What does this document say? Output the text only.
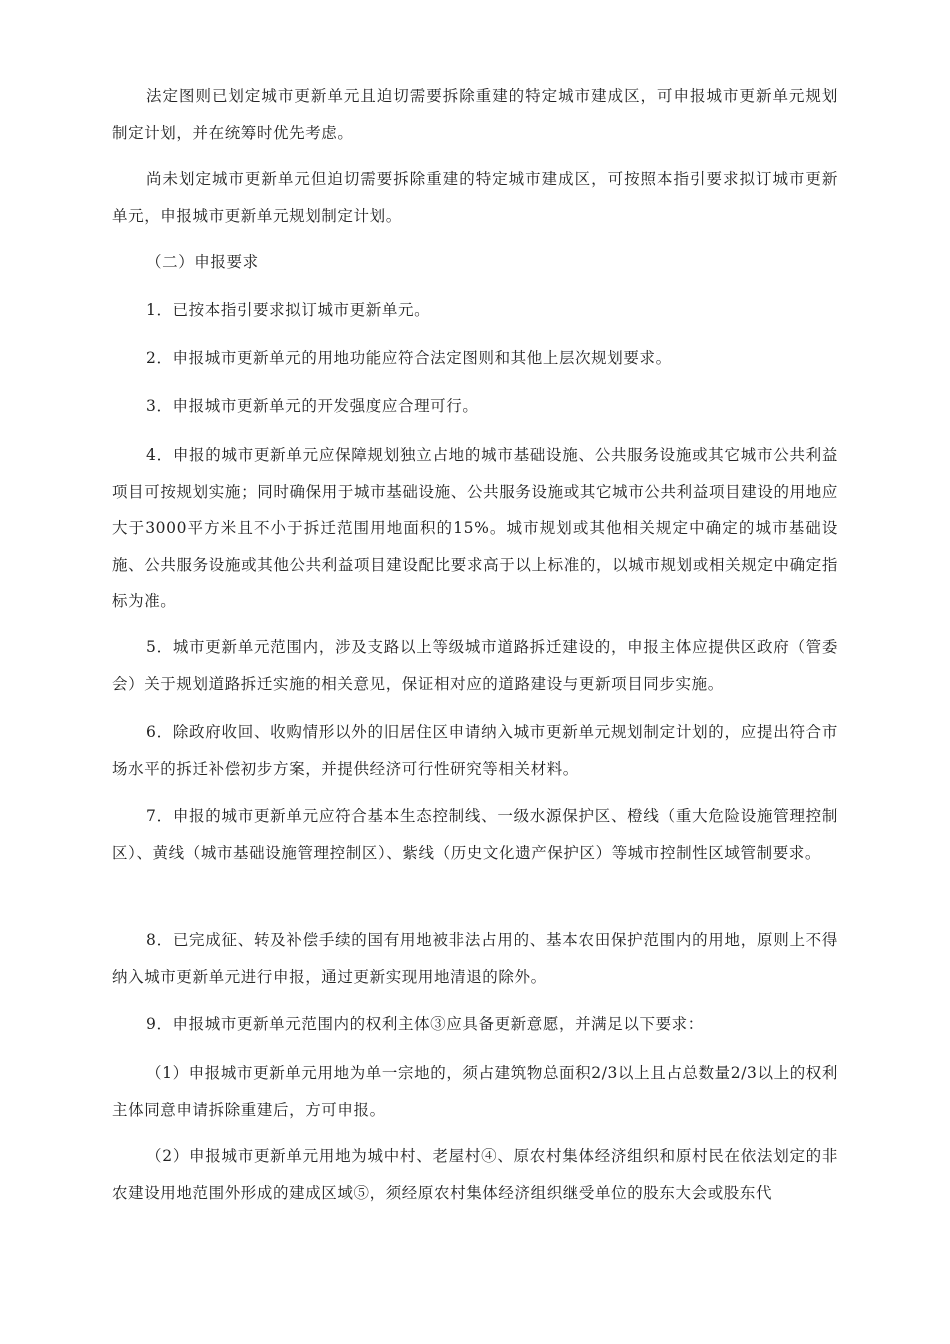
法定图则已划定城市更新单元且迫切需要拆除重建的特定城市建成区，可申报城市更新单元规划制定计划，并在统筹时优先考虑。

尚未划定城市更新单元但迫切需要拆除重建的特定城市建成区，可按照本指引要求拟订城市更新单元，申报城市更新单元规划制定计划。

（二）申报要求

1．已按本指引要求拟订城市更新单元。

2．申报城市更新单元的用地功能应符合法定图则和其他上层次规划要求。

3．申报城市更新单元的开发强度应合理可行。

4．申报的城市更新单元应保障规划独立占地的城市基础设施、公共服务设施或其它城市公共利益项目可按规划实施；同时确保用于城市基础设施、公共服务设施或其它城市公共利益项目建设的用地应大于3000平方米且不小于拆迁范围用地面积的15%。城市规划或其他相关规定中确定的城市基础设施、公共服务设施或其他公共利益项目建设配比要求高于以上标准的，以城市规划或相关规定中确定指标为准。

5．城市更新单元范围内，涉及支路以上等级城市道路拆迁建设的，申报主体应提供区政府（管委会）关于规划道路拆迁实施的相关意见，保证相对应的道路建设与更新项目同步实施。

6．除政府收回、收购情形以外的旧居住区申请纳入城市更新单元规划制定计划的，应提出符合市场水平的拆迁补偿初步方案，并提供经济可行性研究等相关材料。

7．申报的城市更新单元应符合基本生态控制线、一级水源保护区、橙线（重大危险设施管理控制区）、黄线（城市基础设施管理控制区）、紫线（历史文化遗产保护区）等城市控制性区域管制要求。

8．已完成征、转及补偿手续的国有用地被非法占用的、基本农田保护范围内的用地，原则上不得纳入城市更新单元进行申报，通过更新实现用地清退的除外。

9．申报城市更新单元范围内的权利主体③应具备更新意愿，并满足以下要求：

（1）申报城市更新单元用地为单一宗地的，须占建筑物总面积2/3以上且占总数量2/3以上的权利主体同意申请拆除重建后，方可申报。

（2）申报城市更新单元用地为城中村、老屋村④、原农村集体经济组织和原村民在依法划定的非农建设用地范围外形成的建成区域⑤，须经原农村集体经济组织继受单位的股东大会或股东代
